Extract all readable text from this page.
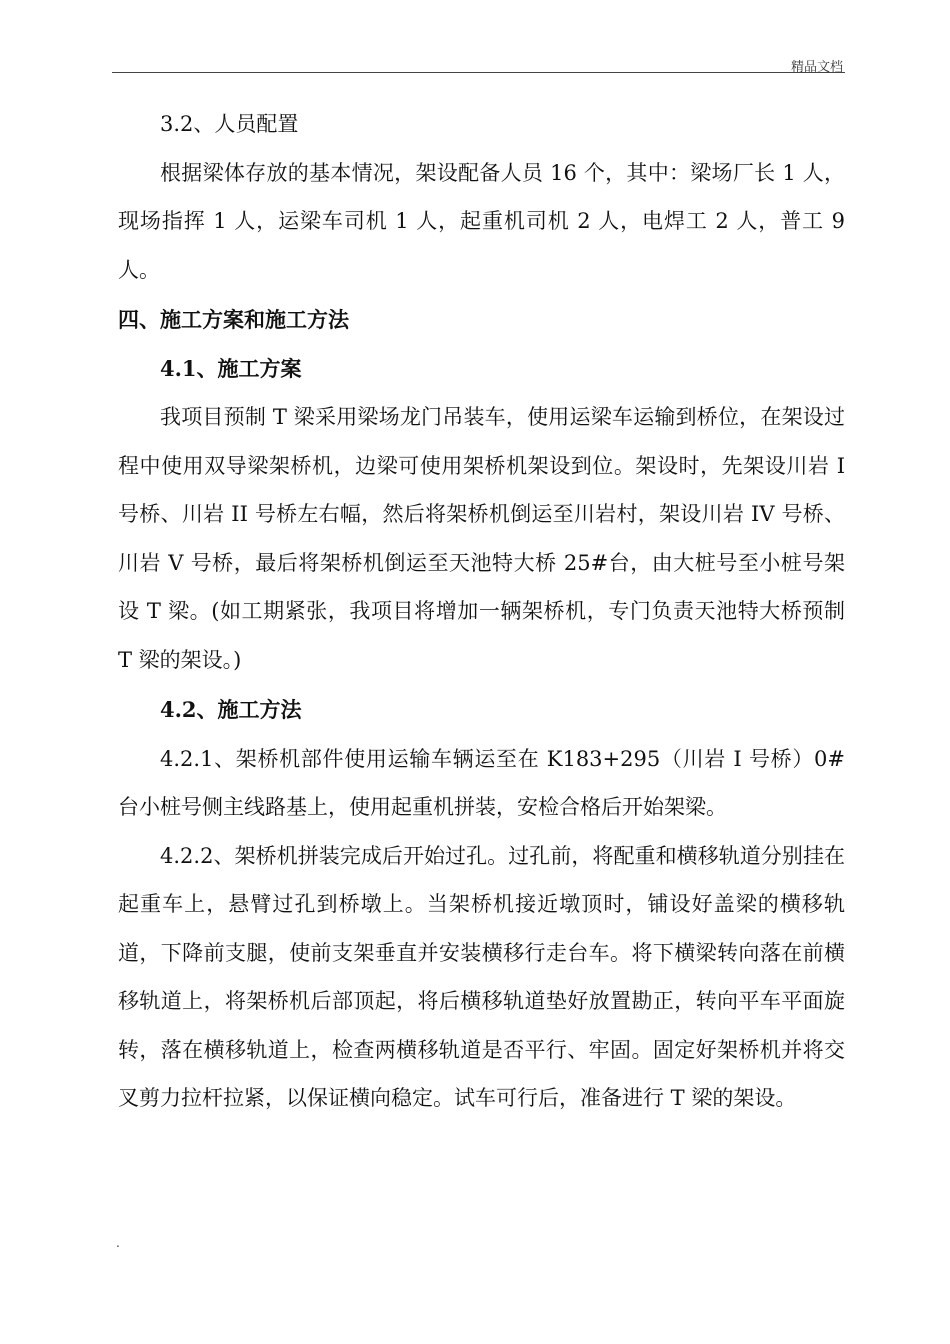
精品文档

3.2、人员配置

根据梁体存放的基本情况，架设配备人员 16 个，其中：梁场厂长 1 人，现场指挥 1 人，运梁车司机 1 人，起重机司机 2 人，电焊工 2 人，普工 9 人。

四、施工方案和施工方法

4.1、施工方案

我项目预制 T 梁采用梁场龙门吊装车，使用运梁车运输到桥位，在架设过程中使用双导梁架桥机，边梁可使用架桥机架设到位。架设时，先架设川岩 I 号桥、川岩 II 号桥左右幅，然后将架桥机倒运至川岩村，架设川岩 IV 号桥、川岩 V 号桥，最后将架桥机倒运至天池特大桥 25#台，由大桩号至小桩号架设 T 梁。(如工期紧张，我项目将增加一辆架桥机，专门负责天池特大桥预制 T 梁的架设。)

4.2、施工方法

4.2.1、架桥机部件使用运输车辆运至在 K183+295（川岩 I 号桥）0#台小桩号侧主线路基上，使用起重机拼装，安检合格后开始架梁。

4.2.2、架桥机拼装完成后开始过孔。过孔前，将配重和横移轨道分别挂在起重车上，悬臂过孔到桥墩上。当架桥机接近墩顶时，铺设好盖梁的横移轨道，下降前支腿，使前支架垂直并安装横移行走台车。将下横梁转向落在前横移轨道上，将架桥机后部顶起，将后横移轨道垫好放置勘正，转向平车平面旋转，落在横移轨道上，检查两横移轨道是否平行、牢固。固定好架桥机并将交叉剪力拉杆拉紧，以保证横向稳定。试车可行后，准备进行 T 梁的架设。

.
